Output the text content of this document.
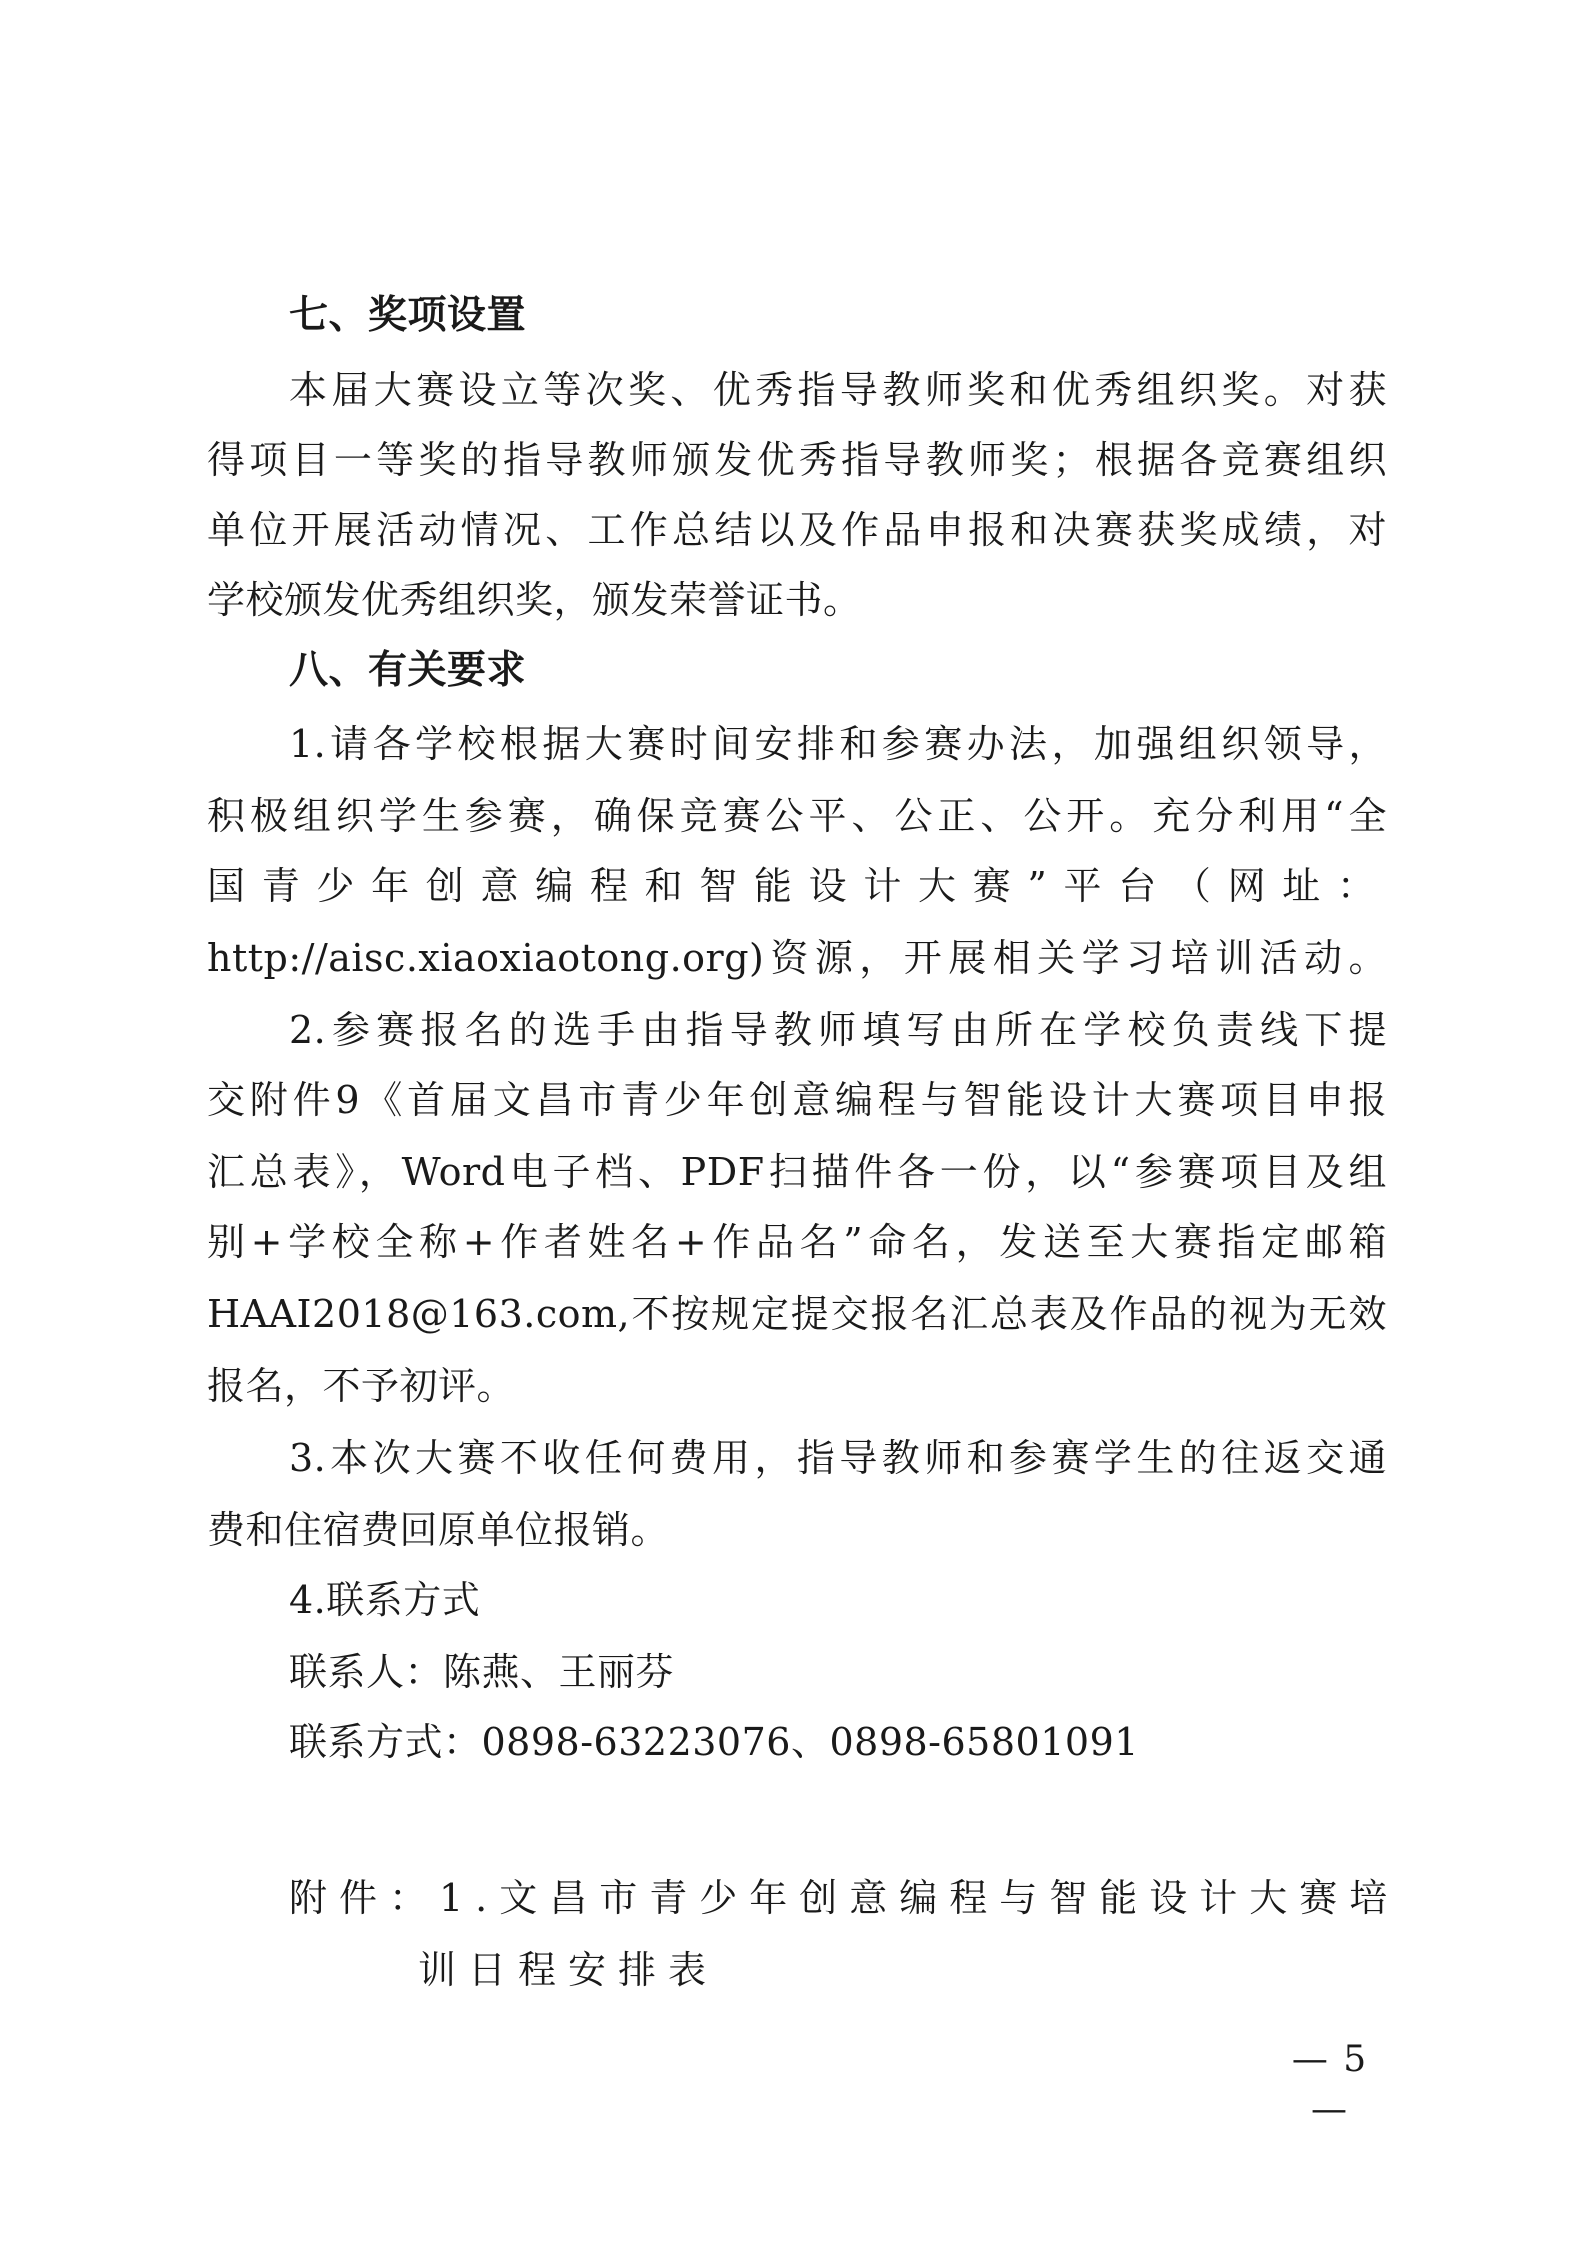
七、奖项设置
本届大赛设立等次奖、优秀指导教师奖和优秀组织奖。对获
得项目一等奖的指导教师颁发优秀指导教师奖；根据各竞赛组织
单位开展活动情况、工作总结以及作品申报和决赛获奖成绩，对
学校颁发优秀组织奖，颁发荣誉证书。
八、有关要求
1.请各学校根据大赛时间安排和参赛办法，加强组织领导，
积极组织学生参赛，确保竞赛公平、公正、公开。充分利用“全
国青少年创意编程和智能设计大赛”平台（网址：
http://aisc.xiaoxiaotong.org)资源，开展相关学习培训活动。
2.参赛报名的选手由指导教师填写由所在学校负责线下提
交附件9《首届文昌市青少年创意编程与智能设计大赛项目申报
汇总表》，Word电子档、PDF扫描件各一份，以“参赛项目及组
别+学校全称+作者姓名+作品名”命名，发送至大赛指定邮箱
HAAI2018@163.com,不按规定提交报名汇总表及作品的视为无效
报名，不予初评。
3.本次大赛不收任何费用，指导教师和参赛学生的往返交通
费和住宿费回原单位报销。
4.联系方式
联系人：陈燕、王丽芬
联系方式：0898-63223076、0898-65801091
附件：1.文昌市青少年创意编程与智能设计大赛培
训日程安排表
— 5 —
